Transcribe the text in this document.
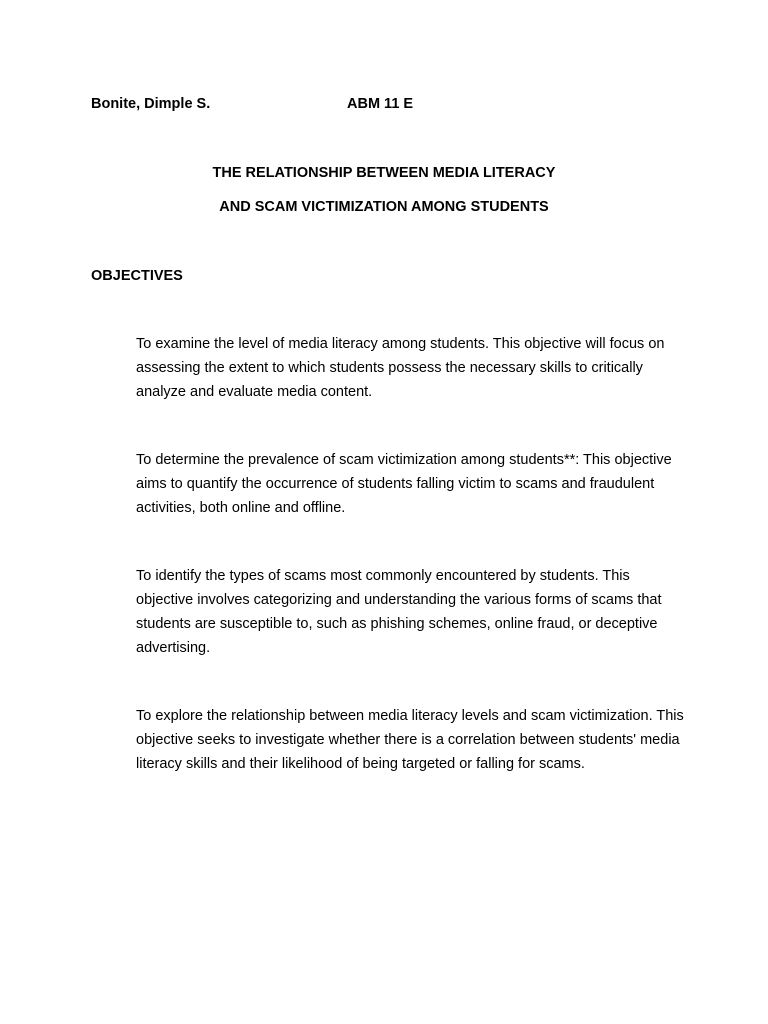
Bonite, Dimple S.	ABM 11 E
THE RELATIONSHIP BETWEEN MEDIA LITERACY
AND SCAM VICTIMIZATION AMONG STUDENTS
OBJECTIVES

To examine the level of media literacy among students. This objective will focus on assessing the extent to which students possess the necessary skills to critically analyze and evaluate media content.

To determine the prevalence of scam victimization among students**: This objective aims to quantify the occurrence of students falling victim to scams and fraudulent activities, both online and offline.

To identify the types of scams most commonly encountered by students. This objective involves categorizing and understanding the various forms of scams that students are susceptible to, such as phishing schemes, online fraud, or deceptive advertising.

To explore the relationship between media literacy levels and scam victimization. This objective seeks to investigate whether there is a correlation between students' media literacy skills and their likelihood of being targeted or falling for scams.
